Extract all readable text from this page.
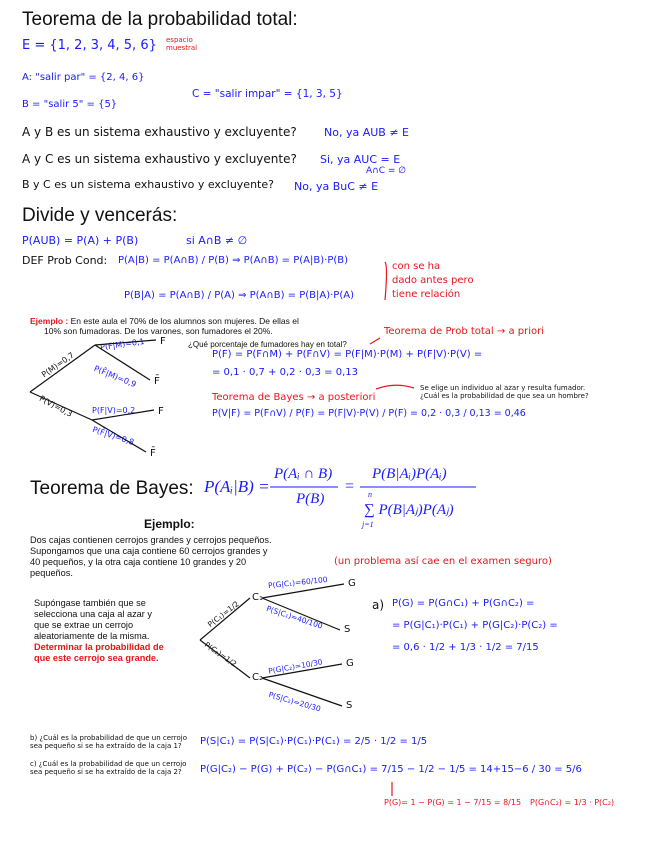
Teorema de la probabilidad total:
E = {1, 2, 3, 4, 5, 6} espacio
muestral
A: "salir par" = {2, 4, 6}
B = "salir 5" = {5}
C = "salir impar" = {1, 3, 5}
A y B es un sistema exhaustivo y excluyente? No, ya AUB ≠ E
A y C es un sistema exhaustivo y excluyente? Si, ya AUC = E
A∩C = ∅
B y C es un sistema exhaustivo y excluyente? No, ya BuC ≠ E
Divide y vencerás:
P(AUB) = P(A) + P(B)	si A∩B ≠ ∅
DEF Prob Cond: P(A|B) = P(A∩B) / P(B) ⇒ P(A∩B) = P(A|B)·P(B)
P(B|A) = P(A∩B) / P(A) ⇒ P(A∩B) = P(B|A)·P(A)
con se ha
dado antes pero
tiene relación
Ejemplo : En este aula el 70% de los alumnos son mujeres. De ellas el
10% son fumadoras. De los varones, son fumadores el 20%.
¿Qué porcentaje de fumadores hay en total?
Teorema de Prob total → a priori
P(M)=0,7
P(V)=0,3
P(F|M)=0,1
P(F̄|M)=0,9
P(F|V)=0,2
P(F̄|V)=0,8
F
F̄
F
F̄
P(F) = P(F∩M) + P(F∩V) = P(F|M)·P(M) + P(F|V)·P(V) =
= 0,1 · 0,7 + 0,2 · 0,3 = 0,13
Teorema de Bayes → a posteriori
Se elige un individuo al azar y resulta fumador.
¿Cuál es la probabilidad de que sea un hombre?
P(V|F) = P(F∩V) / P(F) = P(F|V)·P(V) / P(F) = 0,2 · 0,3 / 0,13 = 0,46
Teorema de Bayes: P(Aᵢ|B) =
P(Aᵢ ∩ B)
P(B)
=
P(B|Aᵢ)P(Aᵢ)
∑ P(B|Aⱼ)P(Aⱼ)
n
j=1
Ejemplo:
Dos cajas contienen cerrojos grandes y cerrojos pequeños.
Supongamos que una caja contiene 60 cerrojos grandes y
40 pequeños, y la otra caja contiene 10 grandes y 20
pequeños.
(un problema así cae en el examen seguro)
Supóngase también que se
selecciona una caja al azar y
que se extrae un cerrojo
aleatoriamente de la misma.
Determinar la probabilidad de
que este cerrojo sea grande.
P(C₁)=1/2
P(C₂)=1/2
C₁
C₂
P(G|C₁)=60/100
P(S|C₁)=40/100
P(G|C₂)=10/30
P(S|C₂)=20/30
G
S
G
S
a) P(G) = P(G∩C₁) + P(G∩C₂) =
= P(G|C₁)·P(C₁) + P(G|C₂)·P(C₂) =
= 0,6 · 1/2 + 1/3 · 1/2 = 7/15
b) ¿Cuál es la probabilidad de que un cerrojo
sea pequeño si se ha extraído de la caja 1?	P(S|C₁) = P(S|C₁)·P(C₁)·P(C₁) = 2/5 · 1/2 = 1/5
c) ¿Cuál es la probabilidad de que un cerrojo
sea pequeño si se ha extraído de la caja 2?	P(G|C₂) − P(G) + P(C₂) − P(G∩C₁) = 7/15 − 1/2 − 1/5 = 14+15−6 / 30 = 5/6
P(G)= 1 − P(G) = 1 − 7/15 = 8/15 P(G∩C₂) = 1/3 · P(C₂)
